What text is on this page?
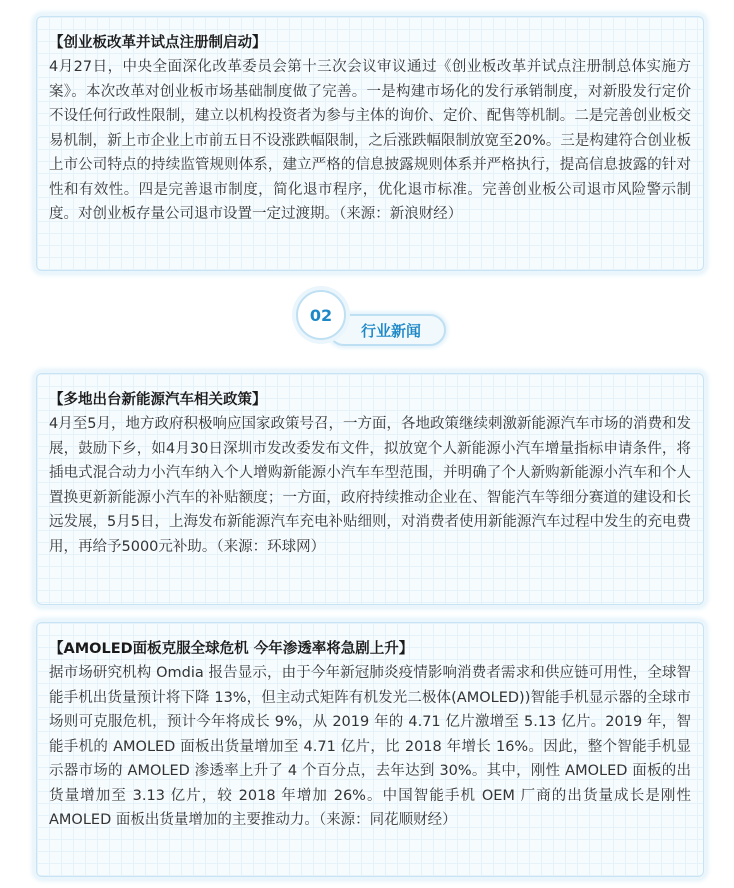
【创业板改革并试点注册制启动】

4月27日，中央全面深化改革委员会第十三次会议审议通过《创业板改革并试点注册制总体实施方案》。本次改革对创业板市场基础制度做了完善。一是构建市场化的发行承销制度，对新股发行定价不设任何行政性限制，建立以机构投资者为参与主体的询价、定价、配售等机制。二是完善创业板交易机制，新上市企业上市前五日不设涨跌幅限制，之后涨跌幅限制放宽至20%。三是构建符合创业板上市公司特点的持续监管规则体系，建立严格的信息披露规则体系并严格执行，提高信息披露的针对性和有效性。四是完善退市制度，简化退市程序，优化退市标准。完善创业板公司退市风险警示制度。对创业板存量公司退市设置一定过渡期。（来源：新浪财经）

02
行业新闻

【多地出台新能源汽车相关政策】

4月至5月，地方政府积极响应国家政策号召，一方面，各地政策继续刺激新能源汽车市场的消费和发展，鼓励下乡，如4月30日深圳市发改委发布文件，拟放宽个人新能源小汽车增量指标申请条件，将插电式混合动力小汽车纳入个人增购新能源小汽车车型范围，并明确了个人新购新能源小汽车和个人置换更新新能源小汽车的补贴额度；一方面，政府持续推动企业在、智能汽车等细分赛道的建设和长远发展，5月5日，上海发布新能源汽车充电补贴细则，对消费者使用新能源汽车过程中发生的充电费用，再给予5000元补助。（来源：环球网）

【AMOLED面板克服全球危机 今年渗透率将急剧上升】

据市场研究机构 Omdia 报告显示，由于今年新冠肺炎疫情影响消费者需求和供应链可用性，全球智能手机出货量预计将下降 13%，但主动式矩阵有机发光二极体(AMOLED))智能手机显示器的全球市场则可克服危机，预计今年将成长 9%，从 2019 年的 4.71 亿片激增至 5.13 亿片。2019 年，智能手机的 AMOLED 面板出货量增加至 4.71 亿片，比 2018 年增长 16%。因此，整个智能手机显示器市场的 AMOLED 渗透率上升了 4 个百分点，去年达到 30%。其中，刚性 AMOLED 面板的出货量增加至 3.13 亿片，较 2018 年增加 26%。中国智能手机 OEM 厂商的出货量成长是刚性 AMOLED 面板出货量增加的主要推动力。（来源：同花顺财经）
